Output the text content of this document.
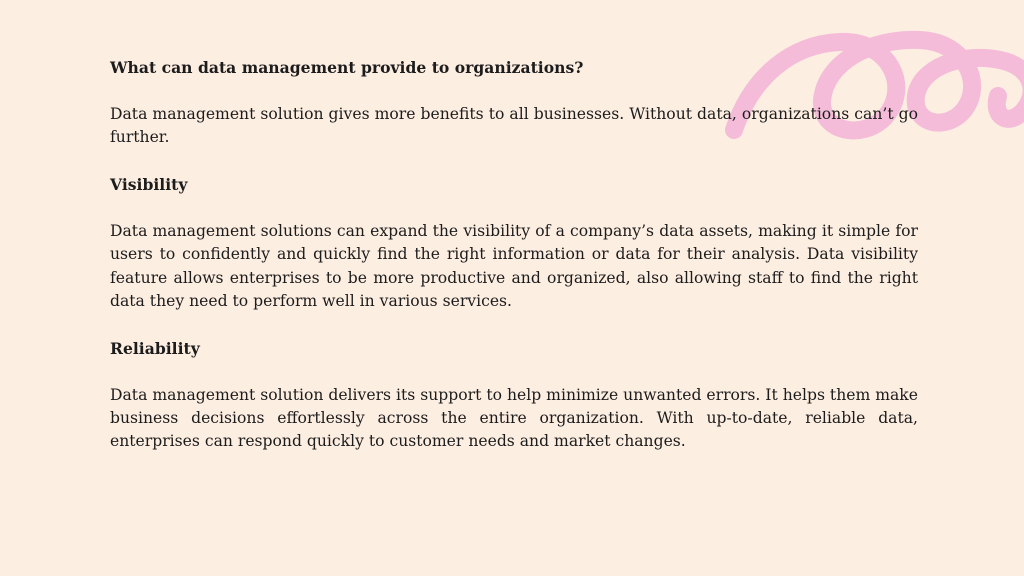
What can data management provide to organizations?

Data management solution gives more benefits to all businesses. Without data, organizations can’t go further.

Visibility

Data management solutions can expand the visibility of a company’s data assets, making it simple for users to confidently and quickly find the right information or data for their analysis. Data visibility feature allows enterprises to be more productive and organized, also allowing staff to find the right data they need to perform well in various services.

Reliability

Data management solution delivers its support to help minimize unwanted errors. It helps them make business decisions effortlessly across the entire organization. With up-to-date, reliable data, enterprises can respond quickly to customer needs and market changes.
